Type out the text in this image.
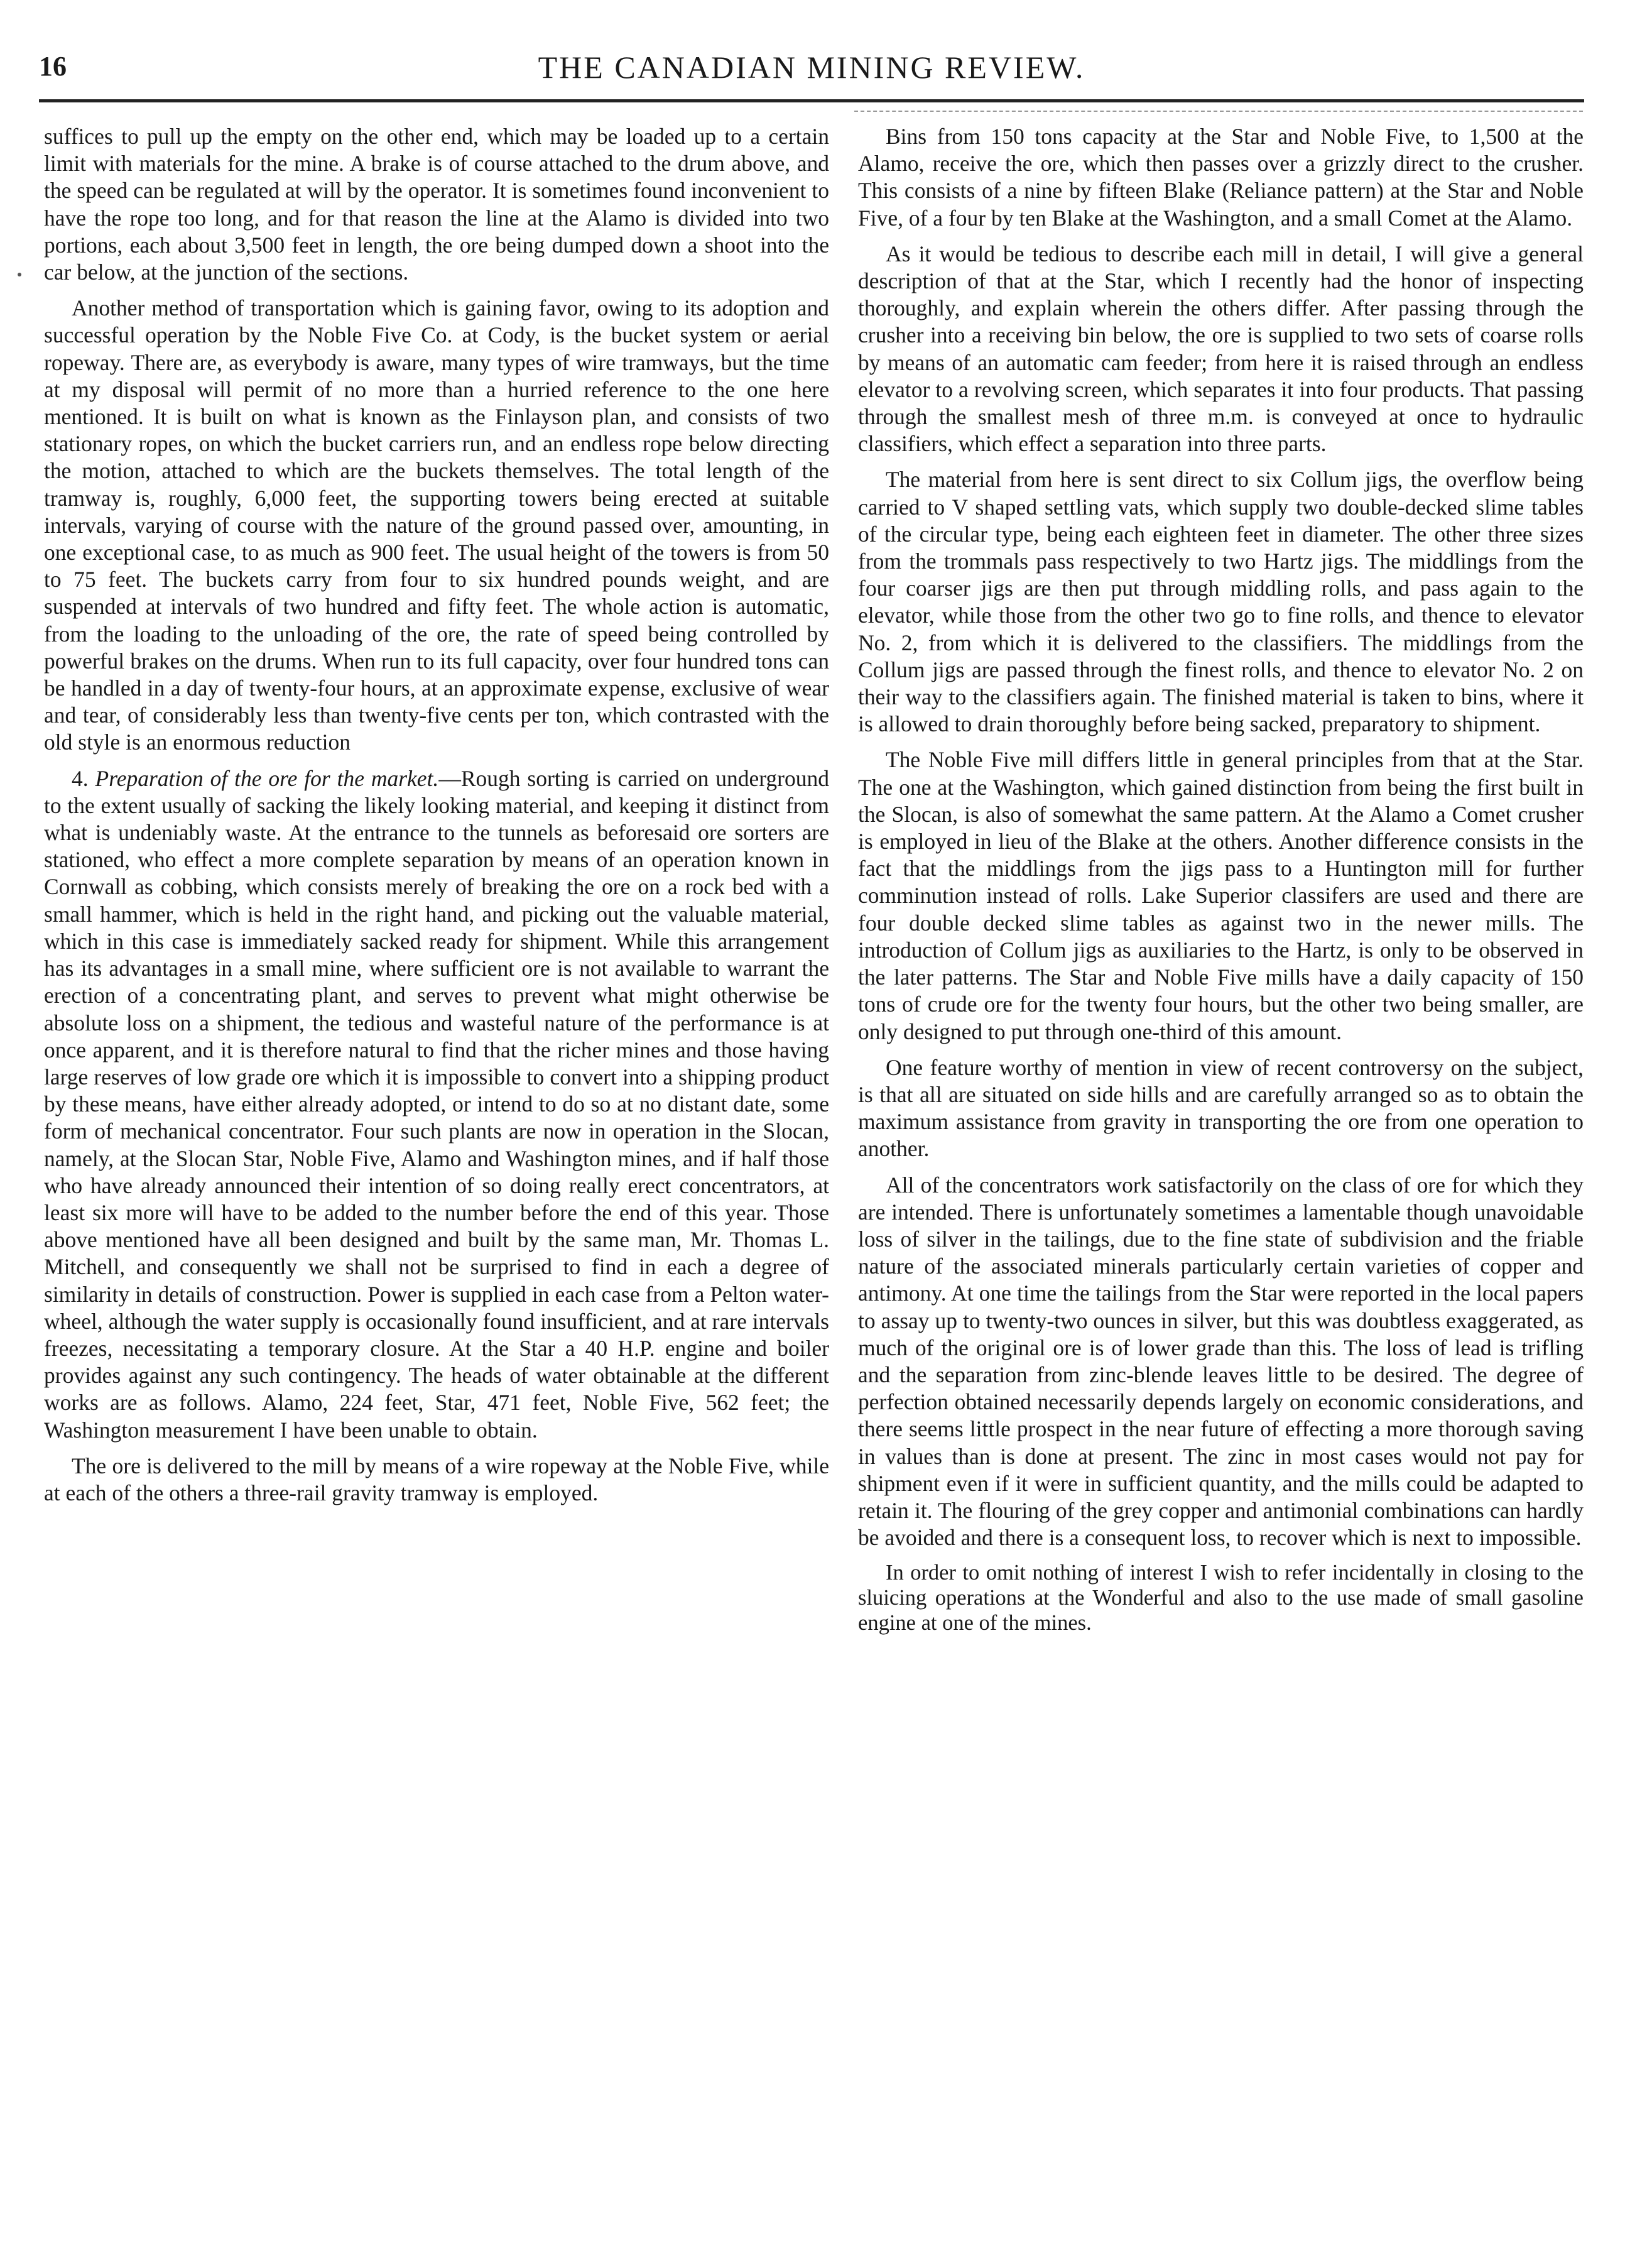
16	THE CANADIAN MINING REVIEW.

suffices to pull up the empty on the other end, which may be loaded up to a certain limit with materials for the mine. A brake is of course attached to the drum above, and the speed can be regulated at will by the operator. It is sometimes found inconvenient to have the rope too long, and for that reason the line at the Alamo is divided into two portions, each about 3,500 feet in length, the ore being dumped down a shoot into the car below, at the junction of the sections.

Another method of transportation which is gaining favor, owing to its adoption and successful operation by the Noble Five Co. at Cody, is the bucket system or aerial ropeway. There are, as everybody is aware, many types of wire tramways, but the time at my disposal will permit of no more than a hurried reference to the one here mentioned. It is built on what is known as the Finlayson plan, and consists of two stationary ropes, on which the bucket carriers run, and an endless rope below directing the motion, attached to which are the buckets themselves. The total length of the tramway is, roughly, 6,000 feet, the supporting towers being erected at suitable intervals, varying of course with the nature of the ground passed over, amounting, in one exceptional case, to as much as 900 feet. The usual height of the towers is from 50 to 75 feet. The buckets carry from four to six hundred pounds weight, and are suspended at intervals of two hundred and fifty feet. The whole action is automatic, from the loading to the unloading of the ore, the rate of speed being controlled by powerful brakes on the drums. When run to its full capacity, over four hundred tons can be handled in a day of twenty-four hours, at an approximate expense, exclusive of wear and tear, of considerably less than twenty-five cents per ton, which contrasted with the old style is an enormous reduction

4. Preparation of the ore for the market.—Rough sorting is carried on underground to the extent usually of sacking the likely looking material, and keeping it distinct from what is undeniably waste. At the entrance to the tunnels as beforesaid ore sorters are stationed, who effect a more complete separation by means of an operation known in Cornwall as cobbing, which consists merely of breaking the ore on a rock bed with a small hammer, which is held in the right hand, and picking out the valuable material, which in this case is immediately sacked ready for shipment. While this arrangement has its advantages in a small mine, where sufficient ore is not available to warrant the erection of a concentrating plant, and serves to prevent what might otherwise be absolute loss on a shipment, the tedious and wasteful nature of the performance is at once apparent, and it is therefore natural to find that the richer mines and those having large reserves of low grade ore which it is impossible to convert into a shipping product by these means, have either already adopted, or intend to do so at no distant date, some form of mechanical concentrator. Four such plants are now in operation in the Slocan, namely, at the Slocan Star, Noble Five, Alamo and Washington mines, and if half those who have already announced their intention of so doing really erect concentrators, at least six more will have to be added to the number before the end of this year. Those above mentioned have all been designed and built by the same man, Mr. Thomas L. Mitchell, and consequently we shall not be surprised to find in each a degree of similarity in details of construction. Power is supplied in each case from a Pelton water-wheel, although the water supply is occasionally found insufficient, and at rare intervals freezes, necessitating a temporary closure. At the Star a 40 H.P. engine and boiler provides against any such contingency. The heads of water obtainable at the different works are as follows. Alamo, 224 feet, Star, 471 feet, Noble Five, 562 feet; the Washington measurement I have been unable to obtain.

The ore is delivered to the mill by means of a wire ropeway at the Noble Five, while at each of the others a three-rail gravity tramway is employed.

Bins from 150 tons capacity at the Star and Noble Five, to 1,500 at the Alamo, receive the ore, which then passes over a grizzly direct to the crusher. This consists of a nine by fifteen Blake (Reliance pattern) at the Star and Noble Five, of a four by ten Blake at the Washington, and a small Comet at the Alamo.

As it would be tedious to describe each mill in detail, I will give a general description of that at the Star, which I recently had the honor of inspecting thoroughly, and explain wherein the others differ. After passing through the crusher into a receiving bin below, the ore is supplied to two sets of coarse rolls by means of an automatic cam feeder; from here it is raised through an endless elevator to a revolving screen, which separates it into four products. That passing through the smallest mesh of three m.m. is conveyed at once to hydraulic classifiers, which effect a separation into three parts.

The material from here is sent direct to six Collum jigs, the overflow being carried to V shaped settling vats, which supply two double-decked slime tables of the circular type, being each eighteen feet in diameter. The other three sizes from the trommals pass respectively to two Hartz jigs. The middlings from the four coarser jigs are then put through middling rolls, and pass again to the elevator, while those from the other two go to fine rolls, and thence to elevator No. 2, from which it is delivered to the classifiers. The middlings from the Collum jigs are passed through the finest rolls, and thence to elevator No. 2 on their way to the classifiers again. The finished material is taken to bins, where it is allowed to drain thoroughly before being sacked, preparatory to shipment.

The Noble Five mill differs little in general principles from that at the Star. The one at the Washington, which gained distinction from being the first built in the Slocan, is also of somewhat the same pattern. At the Alamo a Comet crusher is employed in lieu of the Blake at the others. Another difference consists in the fact that the middlings from the jigs pass to a Huntington mill for further comminution instead of rolls. Lake Superior classifers are used and there are four double decked slime tables as against two in the newer mills. The introduction of Collum jigs as auxiliaries to the Hartz, is only to be observed in the later patterns. The Star and Noble Five mills have a daily capacity of 150 tons of crude ore for the twenty four hours, but the other two being smaller, are only designed to put through one-third of this amount.

One feature worthy of mention in view of recent controversy on the subject, is that all are situated on side hills and are carefully arranged so as to obtain the maximum assistance from gravity in transporting the ore from one operation to another.

All of the concentrators work satisfactorily on the class of ore for which they are intended. There is unfortunately sometimes a lamentable though unavoidable loss of silver in the tailings, due to the fine state of subdivision and the friable nature of the associated minerals particularly certain varieties of copper and antimony. At one time the tailings from the Star were reported in the local papers to assay up to twenty-two ounces in silver, but this was doubtless exaggerated, as much of the original ore is of lower grade than this. The loss of lead is trifling and the separation from zinc-blende leaves little to be desired. The degree of perfection obtained necessarily depends largely on economic considerations, and there seems little prospect in the near future of effecting a more thorough saving in values than is done at present. The zinc in most cases would not pay for shipment even if it were in sufficient quantity, and the mills could be adapted to retain it. The flouring of the grey copper and antimonial combinations can hardly be avoided and there is a consequent loss, to recover which is next to impossible.

In order to omit nothing of interest I wish to refer incidentally in closing to the sluicing operations at the Wonderful and also to the use made of small gasoline engine at one of the mines.
